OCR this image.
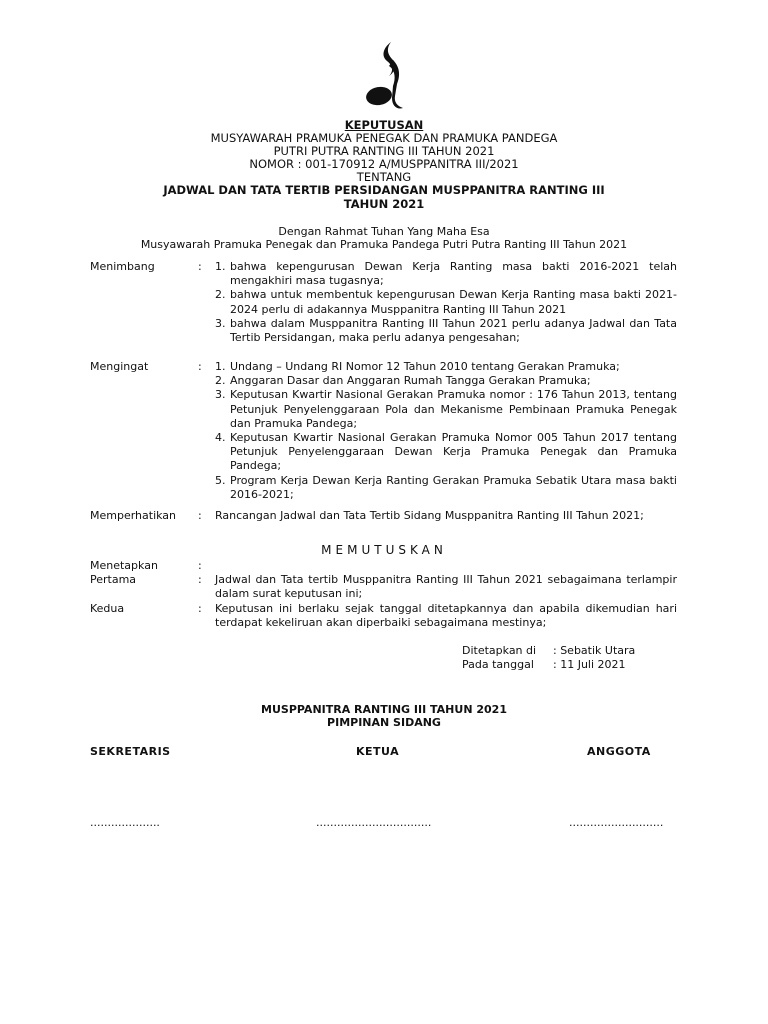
KEPUTUSAN
MUSYAWARAH PRAMUKA PENEGAK DAN PRAMUKA PANDEGA
PUTRI PUTRA RANTING III TAHUN 2021
NOMOR : 001-170912 A/MUSPPANITRA III/2021
TENTANG
JADWAL DAN TATA TERTIB PERSIDANGAN MUSPPANITRA RANTING III
TAHUN 2021
Dengan Rahmat Tuhan Yang Maha Esa
Musyawarah Pramuka Penegak dan Pramuka Pandega Putri Putra Ranting III Tahun 2021
Menimbang	: 1. bahwa kepengurusan Dewan Kerja Ranting masa bakti 2016-2021 telah mengakhiri masa tugasnya;
2. bahwa untuk membentuk kepengurusan Dewan Kerja Ranting masa bakti 2021-2024 perlu di adakannya Musppanitra Ranting III Tahun 2021
3. bahwa dalam Musppanitra Ranting III Tahun 2021 perlu adanya Jadwal dan Tata Tertib Persidangan, maka perlu adanya pengesahan;
Mengingat	: 1. Undang – Undang RI Nomor 12 Tahun 2010 tentang Gerakan Pramuka;
2. Anggaran Dasar dan Anggaran Rumah Tangga Gerakan Pramuka;
3. Keputusan Kwartir Nasional Gerakan Pramuka nomor : 176 Tahun 2013, tentang Petunjuk Penyelenggaraan Pola dan Mekanisme Pembinaan Pramuka Penegak dan Pramuka Pandega;
4. Keputusan Kwartir Nasional Gerakan Pramuka Nomor 005 Tahun 2017 tentang Petunjuk Penyelenggaraan Dewan Kerja Pramuka Penegak dan Pramuka Pandega;
5. Program Kerja Dewan Kerja Ranting Gerakan Pramuka Sebatik Utara masa bakti 2016-2021;
Memperhatikan : Rancangan Jadwal dan Tata Tertib Sidang Musppanitra Ranting III Tahun 2021;
MEMUTUSKAN
Menetapkan	:
Pertama	: Jadwal dan Tata tertib Musppanitra Ranting III Tahun 2021 sebagaimana terlampir dalam surat keputusan ini;
Kedua	: Keputusan ini berlaku sejak tanggal ditetapkannya dan apabila dikemudian hari terdapat kekeliruan akan diperbaiki sebagaimana mestinya;
Ditetapkan di : Sebatik Utara
Pada tanggal : 11 Juli 2021
MUSPPANITRA RANTING III TAHUN 2021
PIMPINAN SIDANG
SEKRETARIS	KETUA	ANGGOTA
....................	.................................	...........................
